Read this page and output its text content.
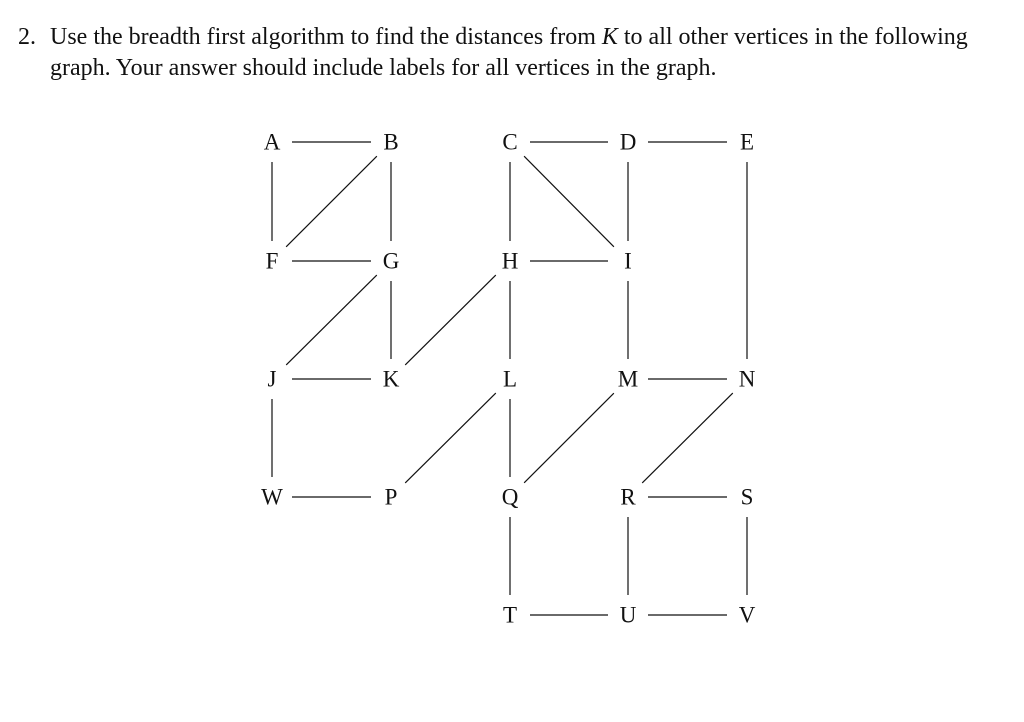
2. Use the breadth first algorithm to find the distances from K to all other vertices in the following graph. Your answer should include labels for all vertices in the graph.
A	B	C	D	E
F	G	H	I
J	K	L	M	N
W	P	Q	R	S
T	U	V
